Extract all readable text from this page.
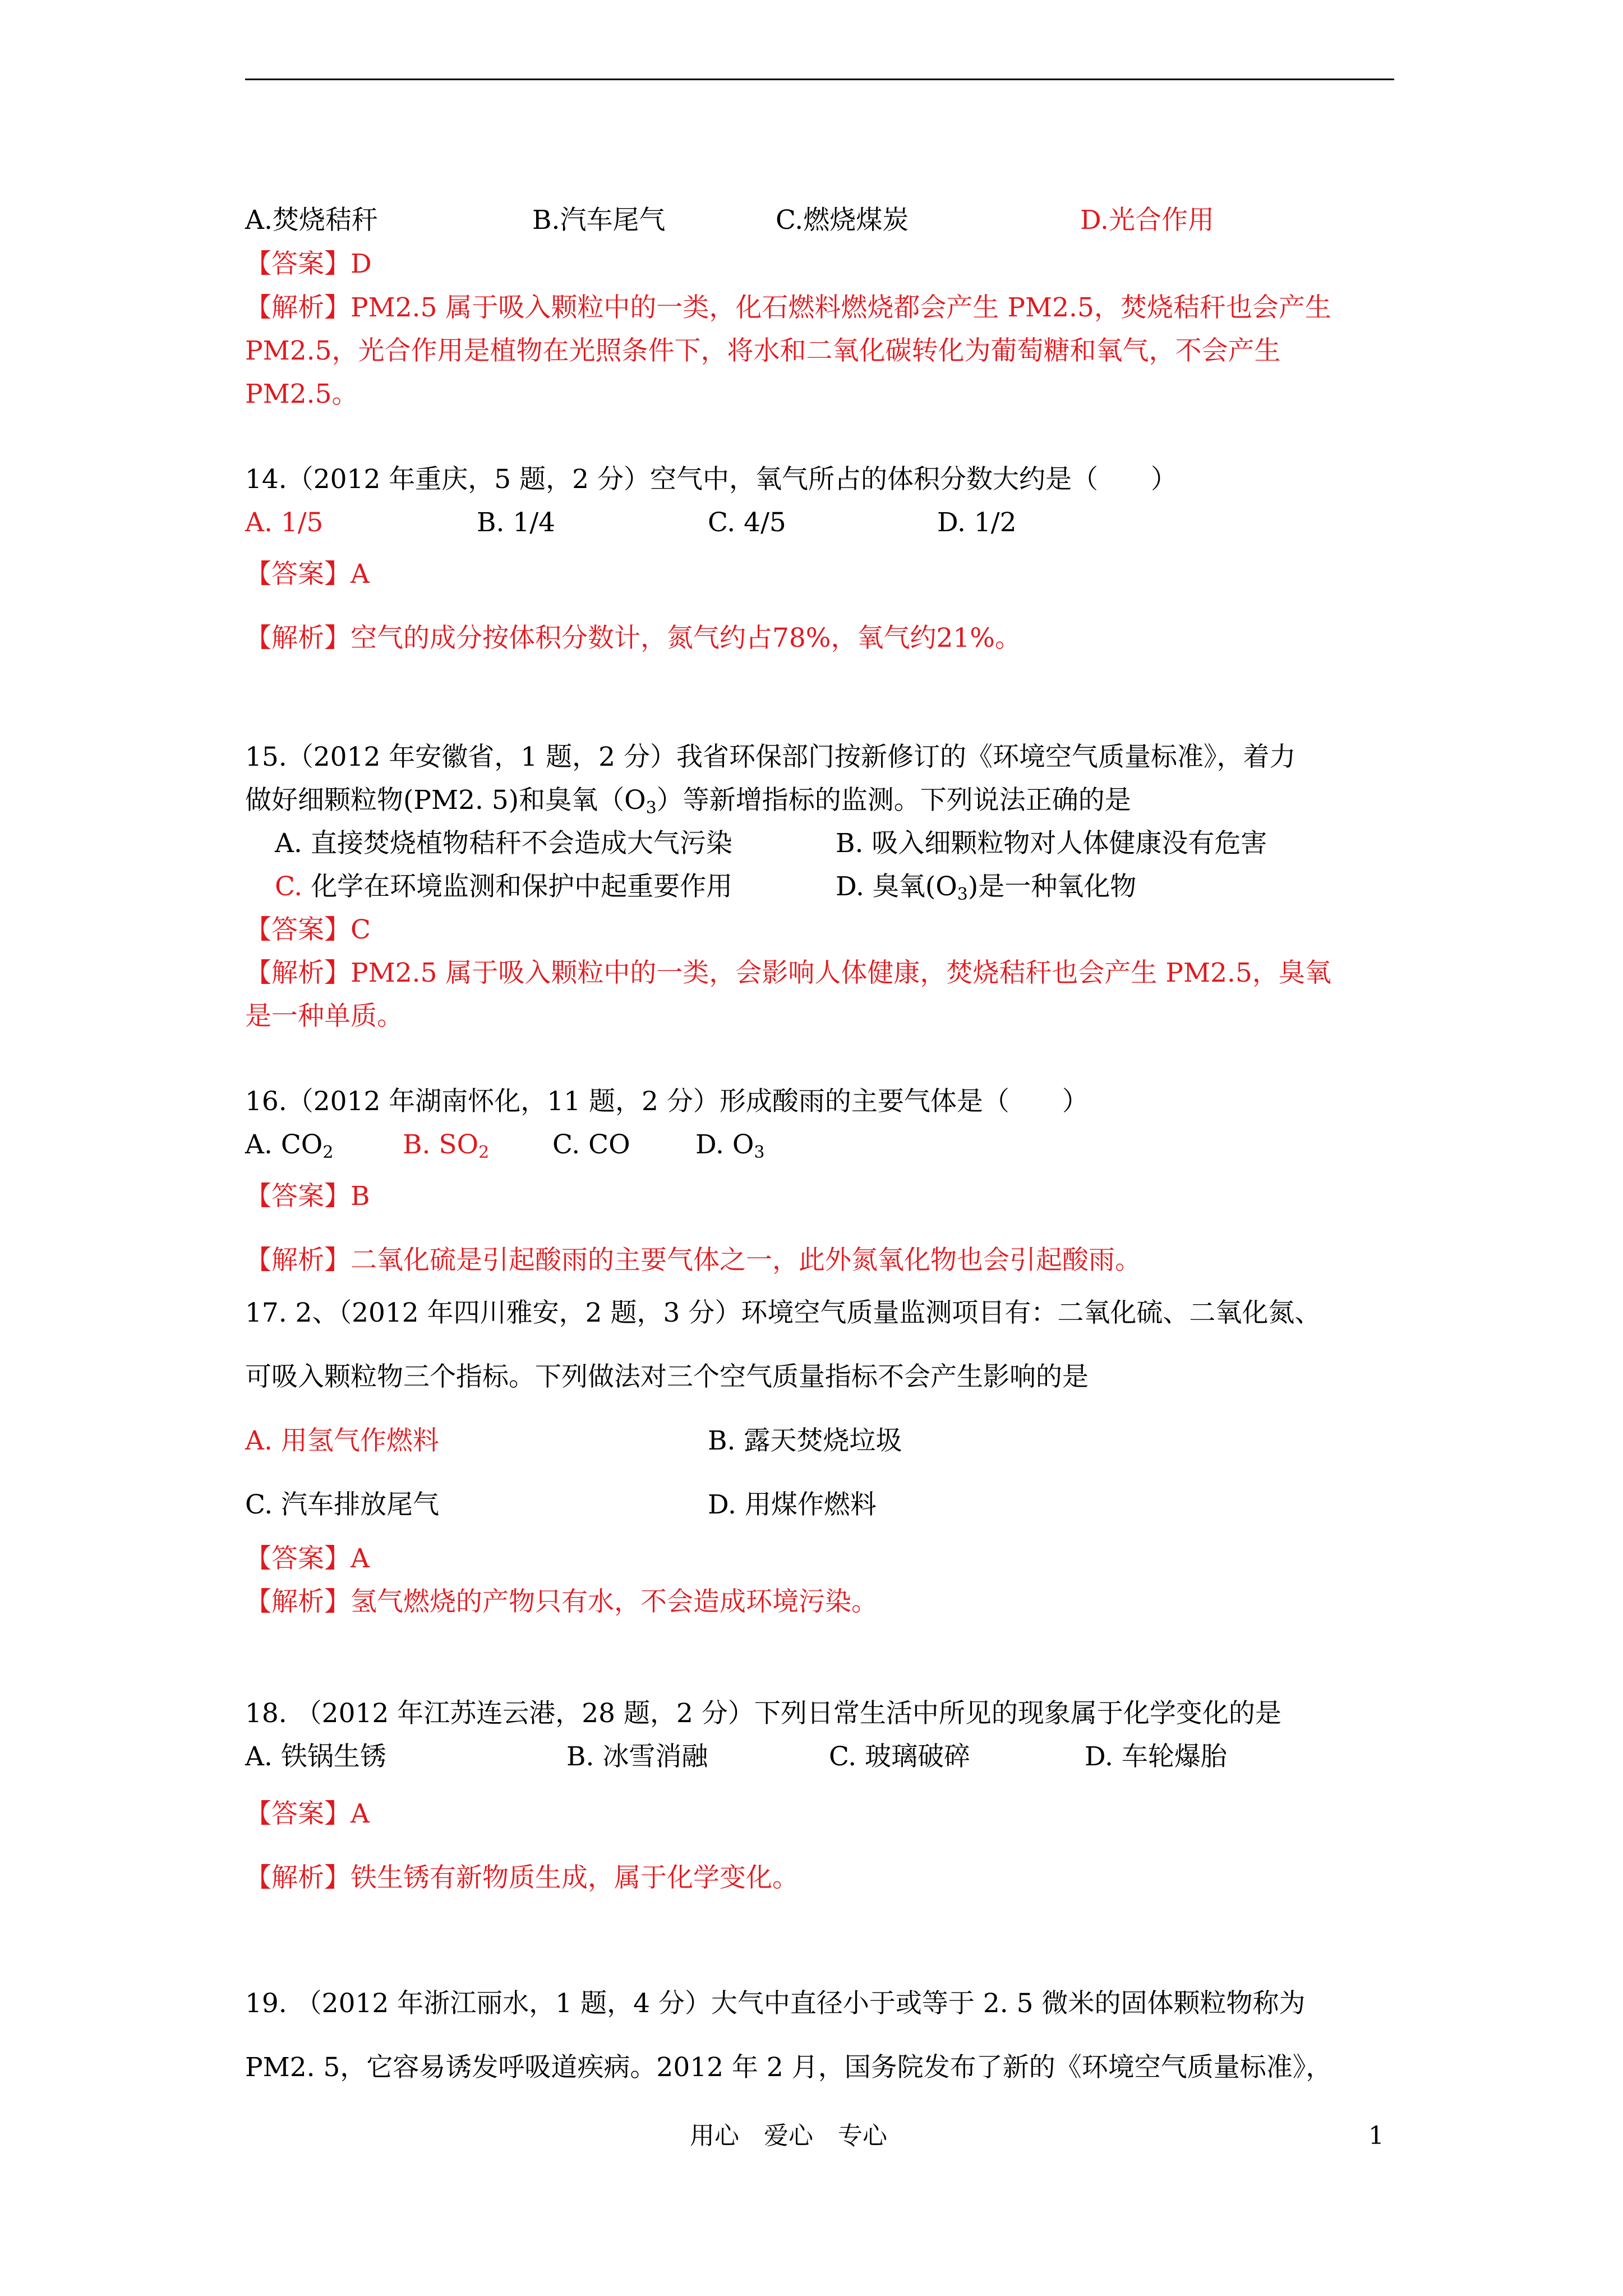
A.焚烧秸秆	B.汽车尾气	C.燃烧煤炭	D.光合作用
【答案】D
【解析】PM2.5 属于吸入颗粒中的一类，化石燃料燃烧都会产生 PM2.5，焚烧秸秆也会产生
PM2.5，光合作用是植物在光照条件下，将水和二氧化碳转化为葡萄糖和氧气，不会产生
PM2.5。
14.（2012 年重庆，5 题，2 分）空气中，氧气所占的体积分数大约是（　　）
A. 1/5	B. 1/4	C. 4/5	D. 1/2
【答案】A
【解析】空气的成分按体积分数计，氮气约占78%，氧气约21%。
15.（2012 年安徽省，1 题，2 分）我省环保部门按新修订的《环境空气质量标准》，着力
做好细颗粒物(PM2. 5)和臭氧$(O_3)$等新增指标的监测。下列说法正确的是
A. 直接焚烧植物秸秆不会造成大气污染	B. 吸入细颗粒物对人体健康没有危害
C. 化学在环境监测和保护中起重要作用	D. 臭氧$(O_3)$是一种氧化物
【答案】C
【解析】PM2.5 属于吸入颗粒中的一类，会影响人体健康，焚烧秸秆也会产生 PM2.5，臭氧
是一种单质。
16.（2012 年湖南怀化，11 题，2 分）形成酸雨的主要气体是（　　）
A. $CO_2$	B. $SO_2$ C. CO D. $O_3$
【答案】B
【解析】二氧化硫是引起酸雨的主要气体之一，此外氮氧化物也会引起酸雨。
17. 2、（2012 年四川雅安，2 题，3 分）环境空气质量监测项目有：二氧化硫、二氧化氮、
可吸入颗粒物三个指标。下列做法对三个空气质量指标不会产生影响的是
A. 用氢气作燃料	B. 露天焚烧垃圾
C. 汽车排放尾气	D. 用煤作燃料
【答案】A
【解析】氢气燃烧的产物只有水，不会造成环境污染。
18. （2012 年江苏连云港，28 题，2 分）下列日常生活中所见的现象属于化学变化的是
A. 铁锅生锈	B. 冰雪消融	C. 玻璃破碎	D. 车轮爆胎
【答案】A
【解析】铁生锈有新物质生成，属于化学变化。
19. （2012 年浙江丽水，1 题，4 分）大气中直径小于或等于 2. 5 微米的固体颗粒物称为
PM2. 5，它容易诱发呼吸道疾病。2012 年 2 月，国务院发布了新的《环境空气质量标准》，
用心　爱心　专心	1
